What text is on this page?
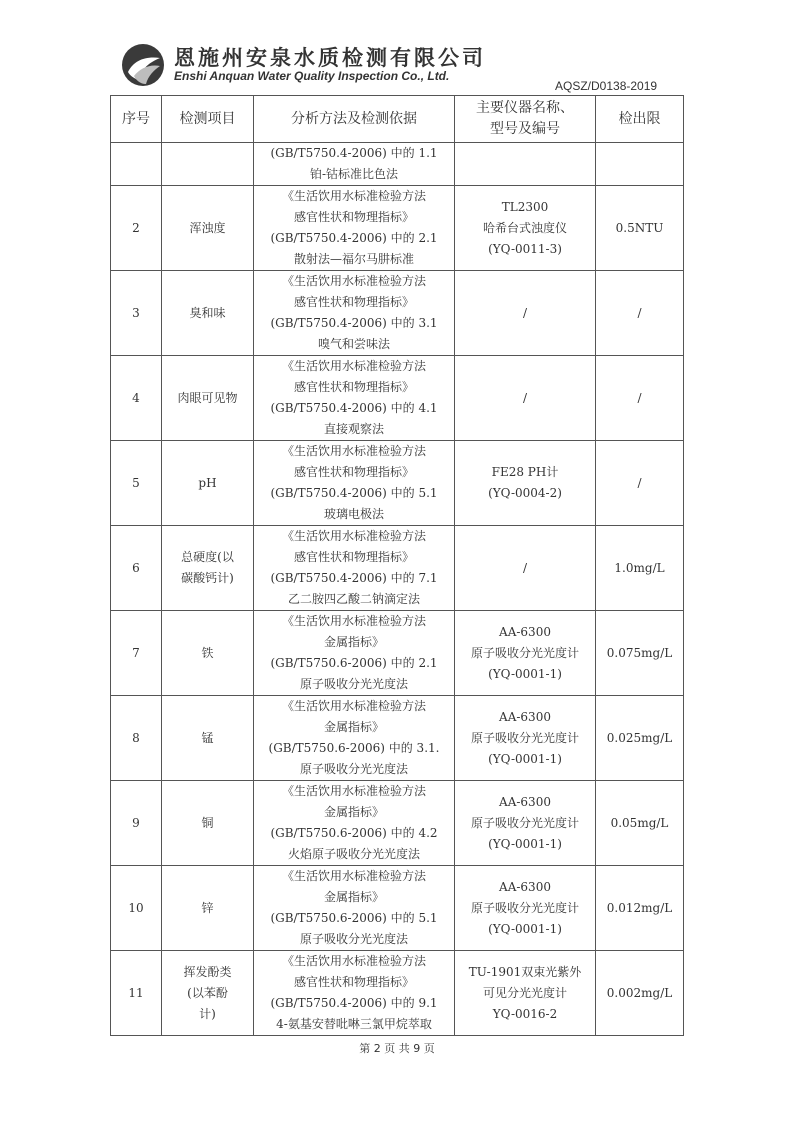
恩施州安泉水质检测有限公司
Enshi Anquan Water Quality Inspection Co., Ltd.
AQSZ/D0138-2019
序号	检测项目	分析方法及检测依据	主要仪器名称、
型号及编号	检出限

		(GB/T5750.4-2006) 中的 1.1
铂-钴标准比色法		

2	浑浊度	《生活饮用水标准检验方法
感官性状和物理指标》
(GB/T5750.4-2006) 中的 2.1
散射法—福尔马肼标准	TL2300
哈希台式浊度仪
(YQ-0011-3)	0.5NTU
3	臭和味	《生活饮用水标准检验方法
感官性状和物理指标》
(GB/T5750.4-2006) 中的 3.1
嗅气和尝味法	/	/
4	肉眼可见物	《生活饮用水标准检验方法
感官性状和物理指标》
(GB/T5750.4-2006) 中的 4.1
直接观察法	/	/
5	pH	《生活饮用水标准检验方法
感官性状和物理指标》
(GB/T5750.4-2006) 中的 5.1
玻璃电极法	FE28 PH计
(YQ-0004-2)	/
6	总硬度(以
碳酸钙计)	《生活饮用水标准检验方法
感官性状和物理指标》
(GB/T5750.4-2006) 中的 7.1
乙二胺四乙酸二钠滴定法	/	1.0mg/L
7	铁	《生活饮用水标准检验方法
金属指标》
(GB/T5750.6-2006) 中的 2.1
原子吸收分光光度法	AA-6300
原子吸收分光光度计
(YQ-0001-1)	0.075mg/L
8	锰	《生活饮用水标准检验方法
金属指标》
(GB/T5750.6-2006) 中的 3.1.
原子吸收分光光度法	AA-6300
原子吸收分光光度计
(YQ-0001-1)	0.025mg/L
9	铜	《生活饮用水标准检验方法
金属指标》
(GB/T5750.6-2006) 中的 4.2
火焰原子吸收分光光度法	AA-6300
原子吸收分光光度计
(YQ-0001-1)	0.05mg/L
10	锌	《生活饮用水标准检验方法
金属指标》
(GB/T5750.6-2006) 中的 5.1
原子吸收分光光度法	AA-6300
原子吸收分光光度计
(YQ-0001-1)	0.012mg/L
11	挥发酚类
(以苯酚
计)	《生活饮用水标准检验方法
感官性状和物理指标》
(GB/T5750.4-2006) 中的 9.1
4-氨基安替吡啉三氯甲烷萃取	TU-1901双束光紫外
可见分光光度计
YQ-0016-2	0.002mg/L
第 2 页 共 9 页
